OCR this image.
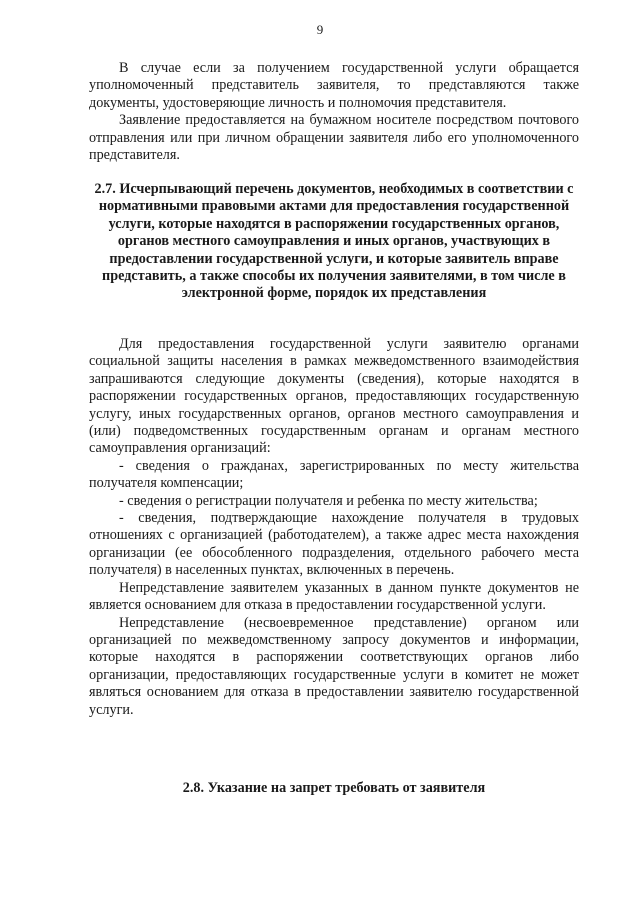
9

В случае если за получением государственной услуги обращается уполномоченный представитель заявителя, то представляются также документы, удостоверяющие личность и полномочия представителя.

Заявление предоставляется на бумажном носителе посредством почтового отправления или при личном обращении заявителя либо его уполномоченного представителя.

2.7. Исчерпывающий перечень документов, необходимых в соответствии с нормативными правовыми актами для предоставления государственной услуги, которые находятся в распоряжении государственных органов, органов местного самоуправления и иных органов, участвующих в предоставлении государственной услуги, и которые заявитель вправе представить, а также способы их получения заявителями, в том числе в электронной форме, порядок их представления

Для предоставления государственной услуги заявителю органами социальной защиты населения в рамках межведомственного взаимодействия запрашиваются следующие документы (сведения), которые находятся в распоряжении государственных органов, предоставляющих государственную услугу, иных государственных органов, органов местного самоуправления и (или) подведомственных государственным органам и органам местного самоуправления организаций:

- сведения о гражданах, зарегистрированных по месту жительства получателя компенсации;

- сведения о регистрации получателя и ребенка по месту жительства;

- сведения, подтверждающие нахождение получателя в трудовых отношениях с организацией (работодателем), а также адрес места нахождения организации (ее обособленного подразделения, отдельного рабочего места получателя) в населенных пунктах, включенных в перечень.

Непредставление заявителем указанных в данном пункте документов не является основанием для отказа в предоставлении государственной услуги.

Непредставление (несвоевременное представление) органом или организацией по межведомственному запросу документов и информации, которые находятся в распоряжении соответствующих органов либо организации, предоставляющих государственные услуги в комитет не может являться основанием для отказа в предоставлении заявителю государственной услуги.

2.8. Указание на запрет требовать от заявителя
